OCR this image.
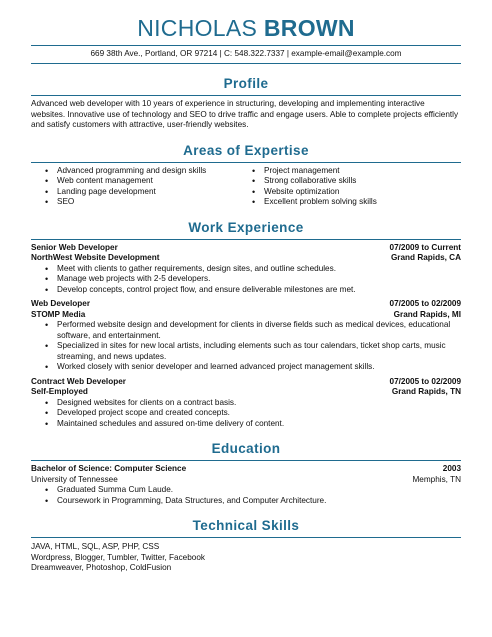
NICHOLAS BROWN
669 38th Ave., Portland, OR 97214 | C: 548.322.7337 | example-email@example.com
Profile

Advanced web developer with 10 years of experience in structuring, developing and implementing interactive websites. Innovative use of technology and SEO to drive traffic and engage users. Able to complete projects efficiently and satisfy customers with attractive, user-friendly websites.

Areas of Expertise
• Advanced programming and design skills
• Web content management
• Landing page development
• SEO
• Project management
• Strong collaborative skills
• Website optimization
• Excellent problem solving skills
Work Experience
Senior Web Developer	07/2009 to Current
NorthWest Website Development	Grand Rapids, CA
• Meet with clients to gather requirements, design sites, and outline schedules.
• Manage web projects with 2-5 developers.
• Develop concepts, control project flow, and ensure deliverable milestones are met.
Web Developer	07/2005 to 02/2009
STOMP Media	Grand Rapids, MI
• Performed website design and development for clients in diverse fields such as medical devices, educational software, and entertainment.
• Specialized in sites for new local artists, including elements such as tour calendars, ticket shop carts, music streaming, and news updates.
• Worked closely with senior developer and learned advanced project management skills.
Contract Web Developer	07/2005 to 02/2009
Self-Employed	Grand Rapids, TN
• Designed websites for clients on a contract basis.
• Developed project scope and created concepts.
• Maintained schedules and assured on-time delivery of content.
Education
Bachelor of Science: Computer Science	2003
University of Tennessee	Memphis, TN
• Graduated Summa Cum Laude.
• Coursework in Programming, Data Structures, and Computer Architecture.
Technical Skills
JAVA, HTML, SQL, ASP, PHP, CSS
Wordpress, Blogger, Tumbler, Twitter, Facebook
Dreamweaver, Photoshop, ColdFusion
